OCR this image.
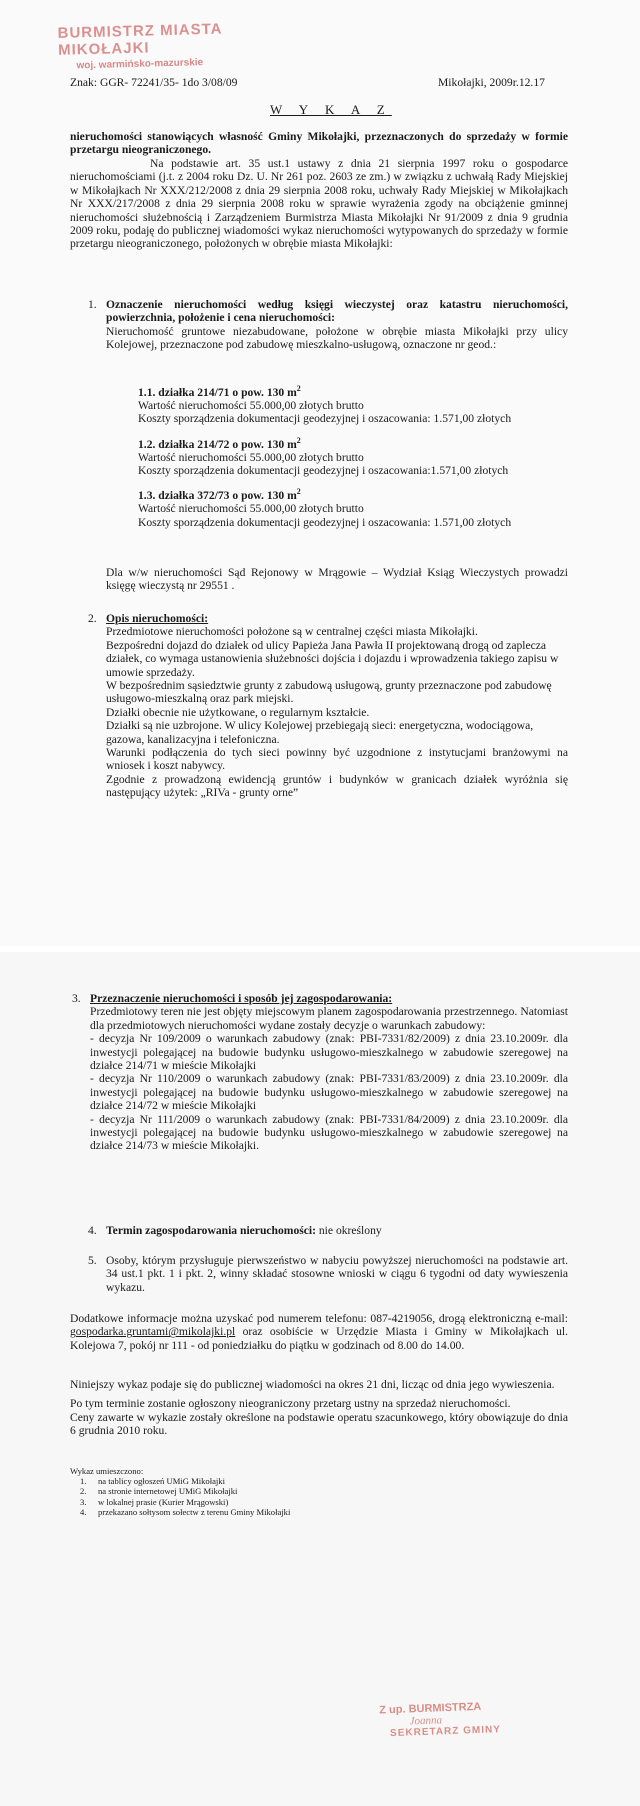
BURMISTRZ MIASTA MIKOŁAJKI
woj. warmińsko-mazurskie
Znak: GGR- 72241/35- 1do 3/08/09	Mikołajki, 2009r.12.17
W Y K A Z
nieruchomości stanowiących własność Gminy Mikołajki, przeznaczonych do sprzedaży w formie przetargu nieograniczonego.
Na podstawie art. 35 ust.1 ustawy z dnia 21 sierpnia 1997 roku o gospodarce nieruchomościami (j.t. z 2004 roku Dz. U. Nr 261 poz. 2603 ze zm.) w związku z uchwałą Rady Miejskiej w Mikołajkach Nr XXX/212/2008 z dnia 29 sierpnia 2008 roku, uchwały Rady Miejskiej w Mikołajkach Nr XXX/217/2008 z dnia 29 sierpnia 2008 roku w sprawie wyrażenia zgody na obciążenie gminnej nieruchomości służebnością i Zarządzeniem Burmistrza Miasta Mikołajki Nr 91/2009 z dnia 9 grudnia 2009 roku, podaję do publicznej wiadomości wykaz nieruchomości wytypowanych do sprzedaży w formie przetargu nieograniczonego, położonych w obrębie miasta Mikołajki:
1. Oznaczenie nieruchomości według księgi wieczystej oraz katastru nieruchomości, powierzchnia, położenie i cena nieruchomości:
Nieruchomość gruntowe niezabudowane, położone w obrębie miasta Mikołajki przy ulicy Kolejowej, przeznaczone pod zabudowę mieszkalno-usługową, oznaczone nr geod.:
1.1. działka 214/71 o pow. 130 $m^2$
Wartość nieruchomości 55.000,00 złotych brutto
Koszty sporządzenia dokumentacji geodezyjnej i oszacowania: 1.571,00 złotych
1.2. działka 214/72 o pow. 130 $m^2$
Wartość nieruchomości 55.000,00 złotych brutto
Koszty sporządzenia dokumentacji geodezyjnej i oszacowania:1.571,00 złotych
1.3. działka 372/73 o pow. 130 $m^2$
Wartość nieruchomości 55.000,00 złotych brutto
Koszty sporządzenia dokumentacji geodezyjnej i oszacowania: 1.571,00 złotych
Dla w/w nieruchomości Sąd Rejonowy w Mrągowie – Wydział Ksiąg Wieczystych prowadzi księgę wieczystą nr 29551 .
2. Opis nieruchomości:
Przedmiotowe nieruchomości położone są w centralnej części miasta Mikołajki.
Bezpośredni dojazd do działek od ulicy Papieża Jana Pawła II projektowaną drogą od zaplecza działek, co wymaga ustanowienia służebności dojścia i dojazdu i wprowadzenia takiego zapisu w umowie sprzedaży.
W bezpośrednim sąsiedztwie grunty z zabudową usługową, grunty przeznaczone pod zabudowę usługowo-mieszkalną oraz park miejski.
Działki obecnie nie użytkowane, o regularnym kształcie.
Działki są nie uzbrojone. W ulicy Kolejowej przebiegają sieci: energetyczna, wodociągowa, gazowa, kanalizacyjna i telefoniczna.
Warunki podłączenia do tych sieci powinny być uzgodnione z instytucjami branżowymi na wniosek i koszt nabywcy.
Zgodnie z prowadzoną ewidencją gruntów i budynków w granicach działek wyróżnia się następujący użytek: „RIVa - grunty orne”
3. Przeznaczenie nieruchomości i sposób jej zagospodarowania:
Przedmiotowy teren nie jest objęty miejscowym planem zagospodarowania przestrzennego. Natomiast dla przedmiotowych nieruchomości wydane zostały decyzje o warunkach zabudowy:
- decyzja Nr 109/2009 o warunkach zabudowy (znak: PBI-7331/82/2009) z dnia 23.10.2009r. dla inwestycji polegającej na budowie budynku usługowo-mieszkalnego w zabudowie szeregowej na działce 214/71 w mieście Mikołajki
- decyzja Nr 110/2009 o warunkach zabudowy (znak: PBI-7331/83/2009) z dnia 23.10.2009r. dla inwestycji polegającej na budowie budynku usługowo-mieszkalnego w zabudowie szeregowej na działce 214/72 w mieście Mikołajki
- decyzja Nr 111/2009 o warunkach zabudowy (znak: PBI-7331/84/2009) z dnia 23.10.2009r. dla inwestycji polegającej na budowie budynku usługowo-mieszkalnego w zabudowie szeregowej na działce 214/73 w mieście Mikołajki.
4. Termin zagospodarowania nieruchomości: nie określony
5. Osoby, którym przysługuje pierwszeństwo w nabyciu powyższej nieruchomości na podstawie art. 34 ust.1 pkt. 1 i pkt. 2, winny składać stosowne wnioski w ciągu 6 tygodni od daty wywieszenia wykazu.
Dodatkowe informacje można uzyskać pod numerem telefonu: 087-4219056, drogą elektroniczną e-mail: gospodarka.gruntami@mikolajki.pl oraz osobiście w Urzędzie Miasta i Gminy w Mikołajkach ul. Kolejowa 7, pokój nr 111 - od poniedziałku do piątku w godzinach od 8.00 do 14.00.
Niniejszy wykaz podaje się do publicznej wiadomości na okres 21 dni, licząc od dnia jego wywieszenia.
Po tym terminie zostanie ogłoszony nieograniczony przetarg ustny na sprzedaż nieruchomości.
Ceny zawarte w wykazie zostały określone na podstawie operatu szacunkowego, który obowiązuje do dnia 6 grudnia 2010 roku.
Wykaz umieszczono:
1. na tablicy ogłoszeń UMiG Mikołajki
2. na stronie internetowej UMiG Mikołajki
3. w lokalnej prasie (Kurier Mrągowski)
4. przekazano sołtysom sołectw z terenu Gminy Mikołajki
Z up. BURMISTRZA
Joanna
SEKRETARZ GMINY
